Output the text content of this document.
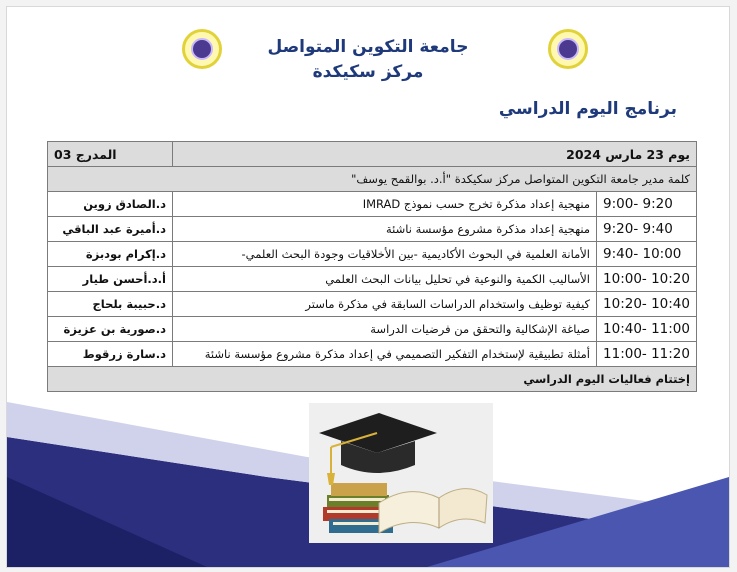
جامعة التكوين المتواصل
مركز سكيكدة
برنامج اليوم الدراسي
يوم 23 مارس 2024		المدرج 03
كلمة مدير جامعة التكوين المتواصل مركز سكيكدة "أ.د. بوالقمح يوسف"		
9:00- 9:20	منهجية إعداد مذكرة تخرج حسب نموذج IMRAD	د.الصادق زوين
9:20- 9:40	منهجية إعداد مذكرة مشروع مؤسسة ناشئة	د.أميرة عبد الباقي
9:40- 10:00	الأمانة العلمية في البحوث الأكاديمية -بين الأخلاقيات وجودة البحث العلمي-	د.إكرام بودبزة
10:00- 10:20	الأساليب الكمية والنوعية في تحليل بيانات البحث العلمي	أ.د.أحسن طيار
10:20- 10:40	كيفية توظيف واستخدام الدراسات السابقة في مذكرة ماستر	د.حبيبة بلحاج
10:40- 11:00	صياغة الإشكالية والتحقق من فرضيات الدراسة	د.صورية بن عزيزة
11:00- 11:20	أمثلة تطبيقية لإستخدام التفكير التصميمي في إعداد مذكرة مشروع مؤسسة ناشئة	د.سارة زرقوط
إختتام فعاليات اليوم الدراسي		
